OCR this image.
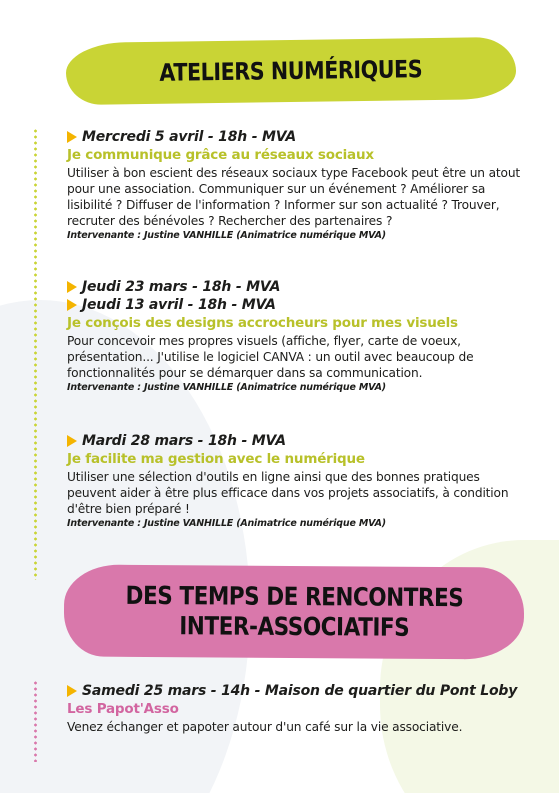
ATELIERS NUMÉRIQUES
Mercredi 5 avril - 18h - MVA
Je communique grâce au réseaux sociaux
Utiliser à bon escient des réseaux sociaux type Facebook peut être un atout pour une association. Communiquer sur un événement ? Améliorer sa lisibilité ? Diffuser de l'information ? Informer sur son actualité ? Trouver, recruter des bénévoles ? Rechercher des partenaires ?
Intervenante : Justine VANHILLE (Animatrice numérique MVA)
Jeudi 23 mars - 18h - MVA
Jeudi 13 avril - 18h - MVA
Je conçois des designs accrocheurs pour mes visuels
Pour concevoir mes propres visuels (affiche, flyer, carte de voeux, présentation... J'utilise le logiciel CANVA : un outil avec beaucoup de fonctionnalités pour se démarquer dans sa communication.
Intervenante : Justine VANHILLE (Animatrice numérique MVA)
Mardi 28 mars - 18h - MVA
Je facilite ma gestion avec le numérique
Utiliser une sélection d'outils en ligne ainsi que des bonnes pratiques peuvent aider à être plus efficace dans vos projets associatifs, à condition d'être bien préparé !
Intervenante : Justine VANHILLE (Animatrice numérique MVA)
DES TEMPS DE RENCONTRES
INTER-ASSOCIATIFS
Samedi 25 mars - 14h - Maison de quartier du Pont Loby
Les Papot'Asso
Venez échanger et papoter autour d'un café sur la vie associative.
